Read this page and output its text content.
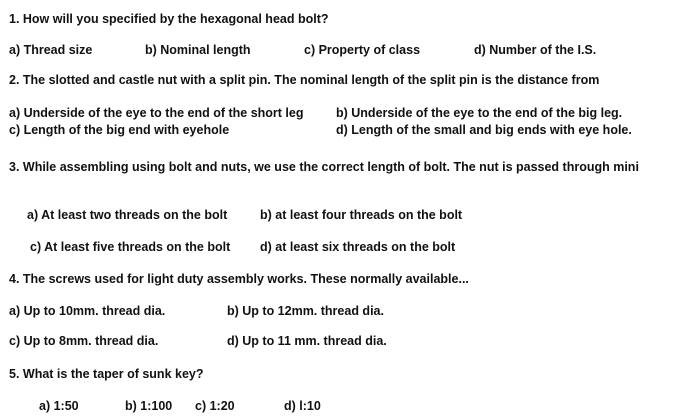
1. How will you specified by the hexagonal head bolt?
a) Thread size	b) Nominal length	c) Property of class	d) Number of the I.S.
2. The slotted and castle nut with a split pin. The nominal length of the split pin is the distance from
a) Underside of the eye to the end of the short leg	b) Underside of the eye to the end of the big leg.
c) Length of the big end with eyehole	d) Length of the small and big ends with eye hole.
3. While assembling using bolt and nuts, we use the correct length of bolt. The nut is passed through mini
a) At least two threads on the bolt	b) at least four threads on the bolt
c) At least five threads on the bolt d) at least six threads on the bolt
4. The screws used for light duty assembly works. These normally available...
a) Up to 10mm. thread dia.	b) Up to 12mm. thread dia.
c) Up to 8mm. thread dia.	d) Up to 11 mm. thread dia.
5. What is the taper of sunk key?
a) 1:50	b) 1:100 c) 1:20	d) l:10
